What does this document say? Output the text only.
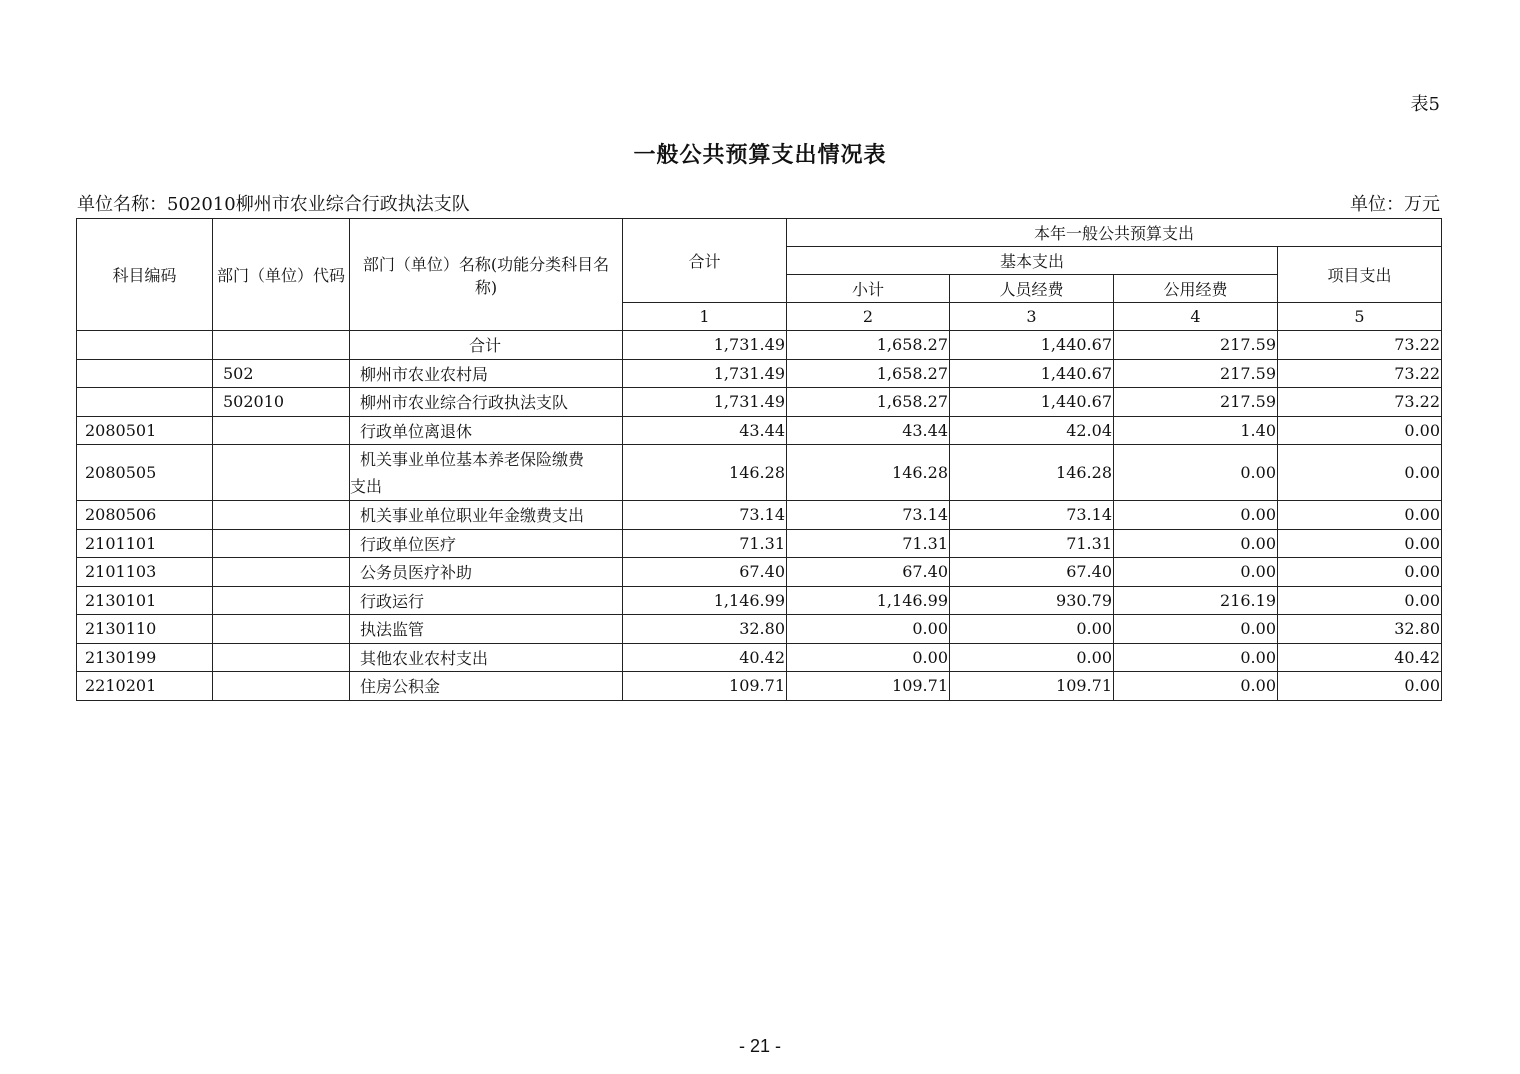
表5
一般公共预算支出情况表
单位名称：502010柳州市农业综合行政执法支队	单位：万元
科目编码	部门（单位）代码	部门（单位）名称(功能分类科目名称)	合计	本年一般公共预算支出			
				基本支出			项目支出
				小计	人员经费	公用经费	
			1	2	3	4	5
		合计	1,731.49	1,658.27	1,440.67	217.59	73.22
	502	柳州市农业农村局	1,731.49	1,658.27	1,440.67	217.59	73.22
	502010	柳州市农业综合行政执法支队	1,731.49	1,658.27	1,440.67	217.59	73.22
2080501		行政单位离退休	43.44	43.44	42.04	1.40	0.00
2080505		机关事业单位基本养老保险缴费
支出	146.28	146.28	146.28	0.00	0.00
2080506		机关事业单位职业年金缴费支出	73.14	73.14	73.14	0.00	0.00
2101101		行政单位医疗	71.31	71.31	71.31	0.00	0.00
2101103		公务员医疗补助	67.40	67.40	67.40	0.00	0.00
2130101		行政运行	1,146.99	1,146.99	930.79	216.19	0.00
2130110		执法监管	32.80	0.00	0.00	0.00	32.80
2130199		其他农业农村支出	40.42	0.00	0.00	0.00	40.42
2210201		住房公积金	109.71	109.71	109.71	0.00	0.00
- 21 -
